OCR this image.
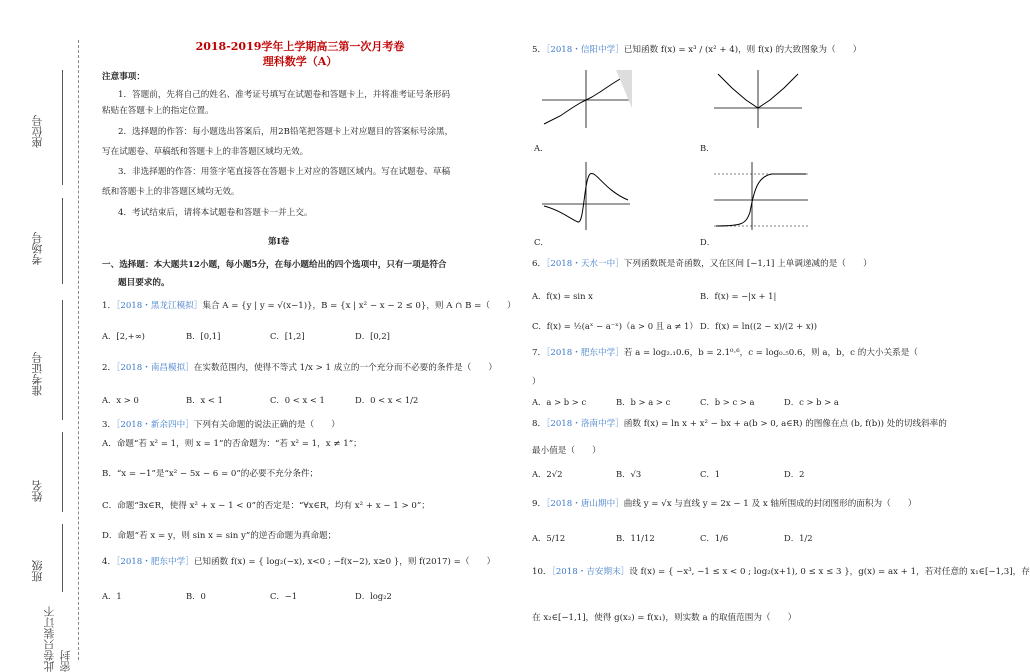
座位号
考场号
准考证号
姓名
班级
此卷只装订不密封
2018-2019学年上学期高三第一次月考卷
理科数学（A）
注意事项：
1．答题前，先将自己的姓名、准考证号填写在试题卷和答题卡上，并将准考证号条形码
粘贴在答题卡上的指定位置。
2．选择题的作答：每小题选出答案后，用2B铅笔把答题卡上对应题目的答案标号涂黑，
写在试题卷、草稿纸和答题卡上的非答题区域均无效。
3．非选择题的作答：用签字笔直接答在答题卡上对应的答题区域内。写在试题卷、草稿
纸和答题卡上的非答题区域均无效。
4．考试结束后，请将本试题卷和答题卡一并上交。
第Ⅰ卷
一、选择题：本大题共12小题，每小题5分，在每小题给出的四个选项中，只有一项是符合
题目要求的。
1．［2018・黑龙江模拟］集合 A = {y | y = √(x−1)}，B = {x | x² − x − 2 ≤ 0}，则 A ∩ B =（　　）
A．[2,+∞)	B．[0,1]	C．[1,2]	D．[0,2]
2．［2018・南昌模拟］在实数范围内，使得不等式 1/x > 1 成立的一个充分而不必要的条件是（　　）
A．x > 0	B．x < 1	C．0 < x < 1	D．0 < x < 1/2
3．［2018・新余四中］下列有关命题的说法正确的是（　　）
A．命题“若 x² = 1，则 x = 1”的否命题为：“若 x² = 1，x ≠ 1”；
B．“x = −1”是“x² − 5x − 6 = 0”的必要不充分条件；
C．命题“∃x∈R，使得 x² + x − 1 < 0”的否定是：“∀x∈R，均有 x² + x − 1 > 0”；
D．命题“若 x = y，则 sin x = sin y”的逆否命题为真命题；
4．［2018・肥东中学］已知函数 f(x) = { log₂(−x), x<0 ; −f(x−2), x≥0 }，则 f(2017) =（　　）
A．1	B．0	C．−1	D．log₂2
5．［2018・信阳中学］已知函数 f(x) = x³ / (x² + 4)，则 f(x) 的大致图象为（　　）
A．	B．
C．	D．
6．［2018・天水一中］下列函数既是奇函数，又在区间 [−1,1] 上单调递减的是（　　）
A．f(x) = sin x	B．f(x) = −|x + 1|
C．f(x) = ½(aˣ − a⁻ˣ)（a > 0 且 a ≠ 1） D．f(x) = ln((2 − x)/(2 + x))
7．［2018・肥东中学］若 a = log₂.₁0.6，b = 2.1⁰·⁶，c = log₀.₅0.6，则 a，b，c 的大小关系是（
）
A．a > b > c	B．b > a > c	C．b > c > a	D．c > b > a
8．［2018・洛南中学］函数 f(x) = ln x + x² − bx + a(b > 0, a∈R) 的图像在点 (b, f(b)) 处的切线斜率的
最小值是（　　）
A．2√2	B．√3	C．1	D．2
9．［2018・唐山期中］曲线 y = √x 与直线 y = 2x − 1 及 x 轴所围成的封闭图形的面积为（　　）
A．5/12	B．11/12	C．1/6	D．1/2
10．［2018・吉安期末］设 f(x) = { −x³, −1 ≤ x < 0 ; log₂(x+1), 0 ≤ x ≤ 3 }，g(x) = ax + 1，若对任意的 x₁∈[−1,3]，存
在 x₂∈[−1,1]，使得 g(x₂) = f(x₁)，则实数 a 的取值范围为（　　）
